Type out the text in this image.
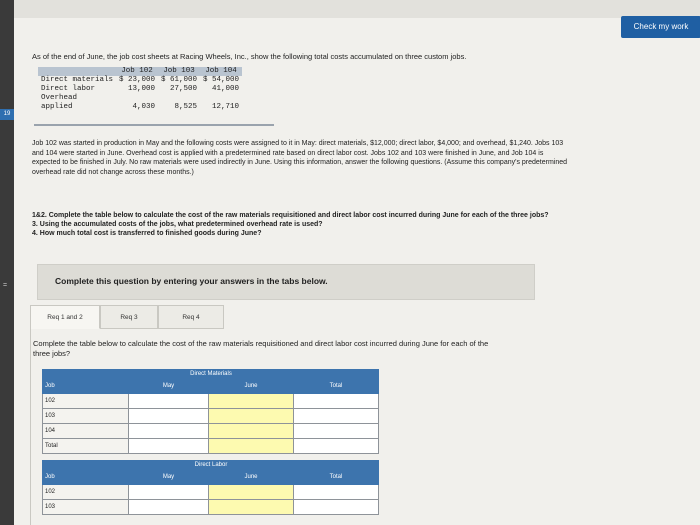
19
=
Check my work
As of the end of June, the job cost sheets at Racing Wheels, Inc., show the following total costs accumulated on three custom jobs.
	Job 102	Job 103	Job 104
Direct materials	$ 23,000	$ 61,000	$ 54,000
Direct labor	13,000	27,500	41,000
Overhead			
applied	4,030	8,525	12,710
Job 102 was started in production in May and the following costs were assigned to it in May: direct materials, $12,000; direct labor, $4,000; and overhead, $1,240. Jobs 103 and 104 were started in June. Overhead cost is applied with a predetermined rate based on direct labor cost. Jobs 102 and 103 were finished in June, and Job 104 is expected to be finished in July. No raw materials were used indirectly in June. Using this information, answer the following questions. (Assume this company's predetermined overhead rate did not change across these months.)

1&2. Complete the table below to calculate the cost of the raw materials requisitioned and direct labor cost incurred during June for each of the three jobs?

3. Using the accumulated costs of the jobs, what predetermined overhead rate is used?

4. How much total cost is transferred to finished goods during June?

Complete this question by entering your answers in the tabs below.
Req 1 and 2	Req 3	Req 4
Complete the table below to calculate the cost of the raw materials requisitioned and direct labor cost incurred during June for each of the three jobs?
	Direct Materials		
Job	May	June	Total
102			
103			
104			
Total			
	Direct Labor		
Job	May	June	Total
102			
103			
